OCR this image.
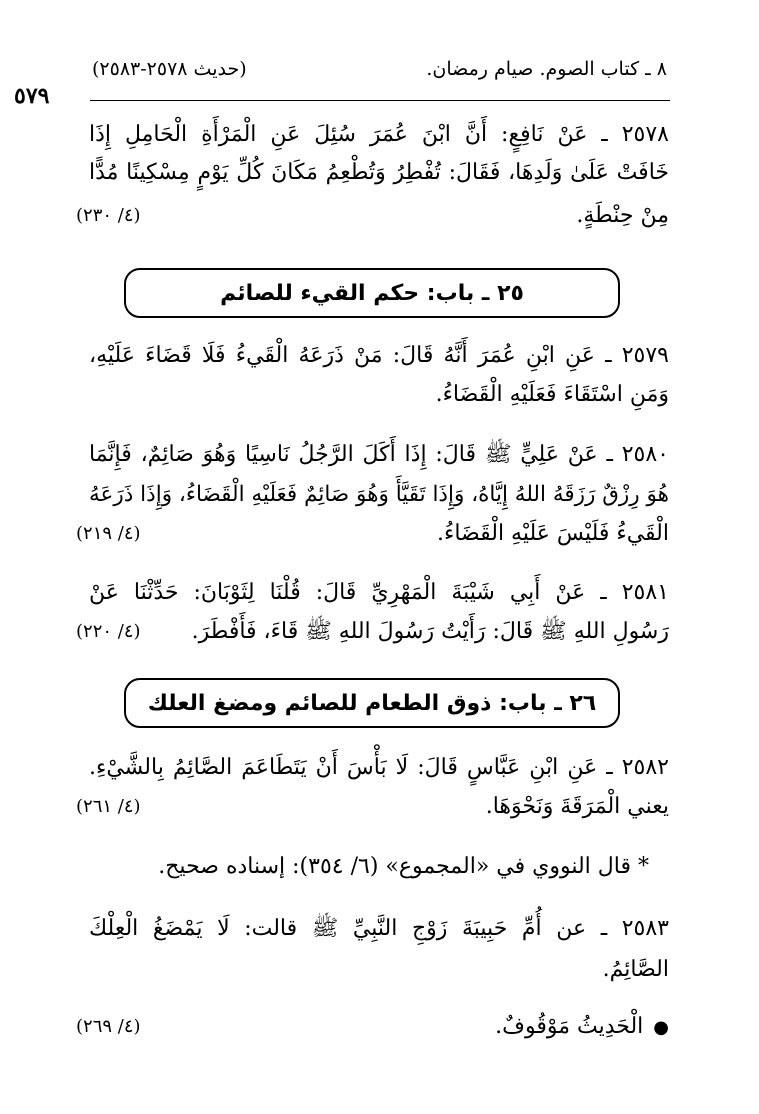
٨ ـ كتاب الصوم. صيام رمضان.
(حديث ٢٥٧٨-٢٥٨٣)
٥٧٩
٢٥٧٨ ـ عَنْ نَافِعٍ: أَنَّ ابْنَ عُمَرَ سُئِلَ عَنِ الْمَرْأَةِ الْحَامِلِ إِذَا
خَافَتْ عَلَىٰ وَلَدِهَا، فَقَالَ: تُفْطِرُ وَتُطْعِمُ مَكَانَ كُلِّ يَوْمٍ مِسْكِينًا مُدًّا
مِنْ حِنْطَةٍ.
(٤/ ٢٣٠)
٢٥ ـ باب: حكم القيء للصائم
٢٥٧٩ ـ عَنِ ابْنِ عُمَرَ أَنَّهُ قَالَ: مَنْ ذَرَعَهُ الْقَيءُ فَلَا قَضَاءَ عَلَيْهِ،
وَمَنِ اسْتَقَاءَ فَعَلَيْهِ الْقَضَاءُ.
٢٥٨٠ ـ عَنْ عَلِيٍّ ﷺ قَالَ: إِذَا أَكَلَ الرَّجُلُ نَاسِيًا وَهُوَ صَائِمٌ، فَإِنَّمَا
هُوَ رِزْقٌ رَزَقَهُ اللهُ إِيَّاهُ، وَإِذَا تَقَيَّأَ وَهُوَ صَائِمٌ فَعَلَيْهِ الْقَضَاءُ، وَإِذَا ذَرَعَهُ
الْقَيءُ فَلَيْسَ عَلَيْهِ الْقَضَاءُ.
(٤/ ٢١٩)
٢٥٨١ ـ عَنْ أَبِي شَيْبَةَ الْمَهْرِيِّ قَالَ: قُلْنَا لِثَوْبَانَ: حَدِّثْنَا عَنْ
رَسُولِ اللهِ ﷺ قَالَ: رَأَيْتُ رَسُولَ اللهِ ﷺ قَاءَ، فَأَفْطَرَ.
(٤/ ٢٢٠)
٢٦ ـ باب: ذوق الطعام للصائم ومضغ العلك
٢٥٨٢ ـ عَنِ ابْنِ عَبَّاسٍ قَالَ: لَا بَأْسَ أَنْ يَتَطَاعَمَ الصَّائِمُ بِالشَّيْءِ.
يعني الْمَرَقَةَ وَنَحْوَهَا.
(٤/ ٢٦١)
* قال النووي في «المجموع» (٦/ ٣٥٤): إسناده صحيح.
٢٥٨٣ ـ عن أُمِّ حَبِيبَةَ زَوْجِ النَّبِيِّ ﷺ قالت: لَا يَمْضَغُ الْعِلْكَ
الصَّائِمُ.
●الْحَدِيثُ مَوْقُوفٌ.
(٤/ ٢٦٩)
